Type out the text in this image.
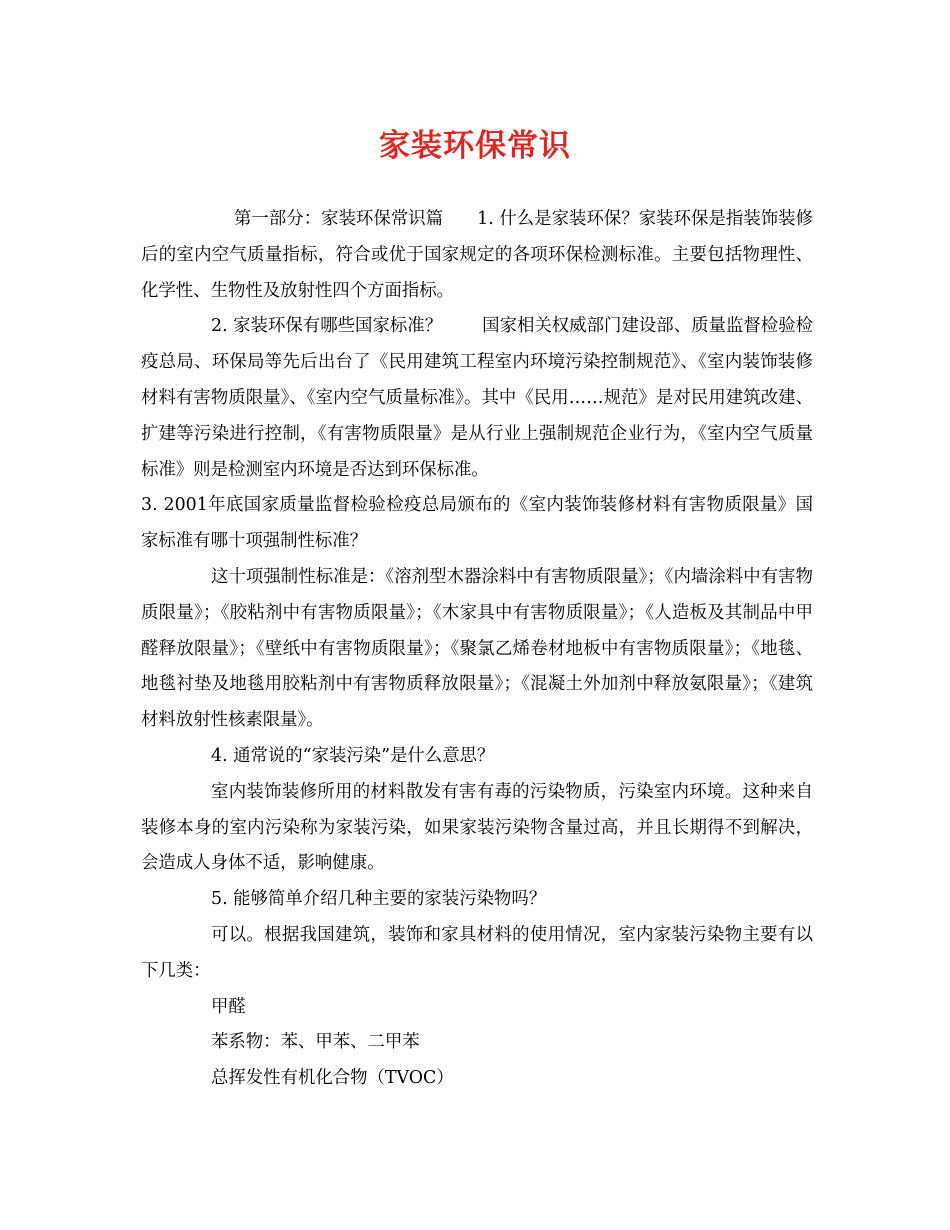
家装环保常识

第一部分：家装环保常识篇 1. 什么是家装环保？家装环保是指装饰装修后的室内空气质量指标，符合或优于国家规定的各项环保检测标准。主要包括物理性、化学性、生物性及放射性四个方面指标。

2. 家装环保有哪些国家标准？ 国家相关权威部门建设部、质量监督检验检疫总局、环保局等先后出台了《民用建筑工程室内环境污染控制规范》、《室内装饰装修材料有害物质限量》、《室内空气质量标准》。其中《民用……规范》是对民用建筑改建、扩建等污染进行控制，《有害物质限量》是从行业上强制规范企业行为，《室内空气质量标准》则是检测室内环境是否达到环保标准。

3. 2001年底国家质量监督检验检疫总局颁布的《室内装饰装修材料有害物质限量》国家标准有哪十项强制性标准？

这十项强制性标准是：《溶剂型木器涂料中有害物质限量》；《内墙涂料中有害物质限量》；《胶粘剂中有害物质限量》；《木家具中有害物质限量》；《人造板及其制品中甲醛释放限量》；《壁纸中有害物质限量》；《聚氯乙烯卷材地板中有害物质限量》；《地毯、地毯衬垫及地毯用胶粘剂中有害物质释放限量》；《混凝土外加剂中释放氨限量》；《建筑材料放射性核素限量》。

4. 通常说的“家装污染”是什么意思？

室内装饰装修所用的材料散发有害有毒的污染物质，污染室内环境。这种来自装修本身的室内污染称为家装污染，如果家装污染物含量过高，并且长期得不到解决，会造成人身体不适，影响健康。

5. 能够简单介绍几种主要的家装污染物吗？

可以。根据我国建筑，装饰和家具材料的使用情况，室内家装污染物主要有以下几类：

甲醛

苯系物：苯、甲苯、二甲苯

总挥发性有机化合物（TVOC）
